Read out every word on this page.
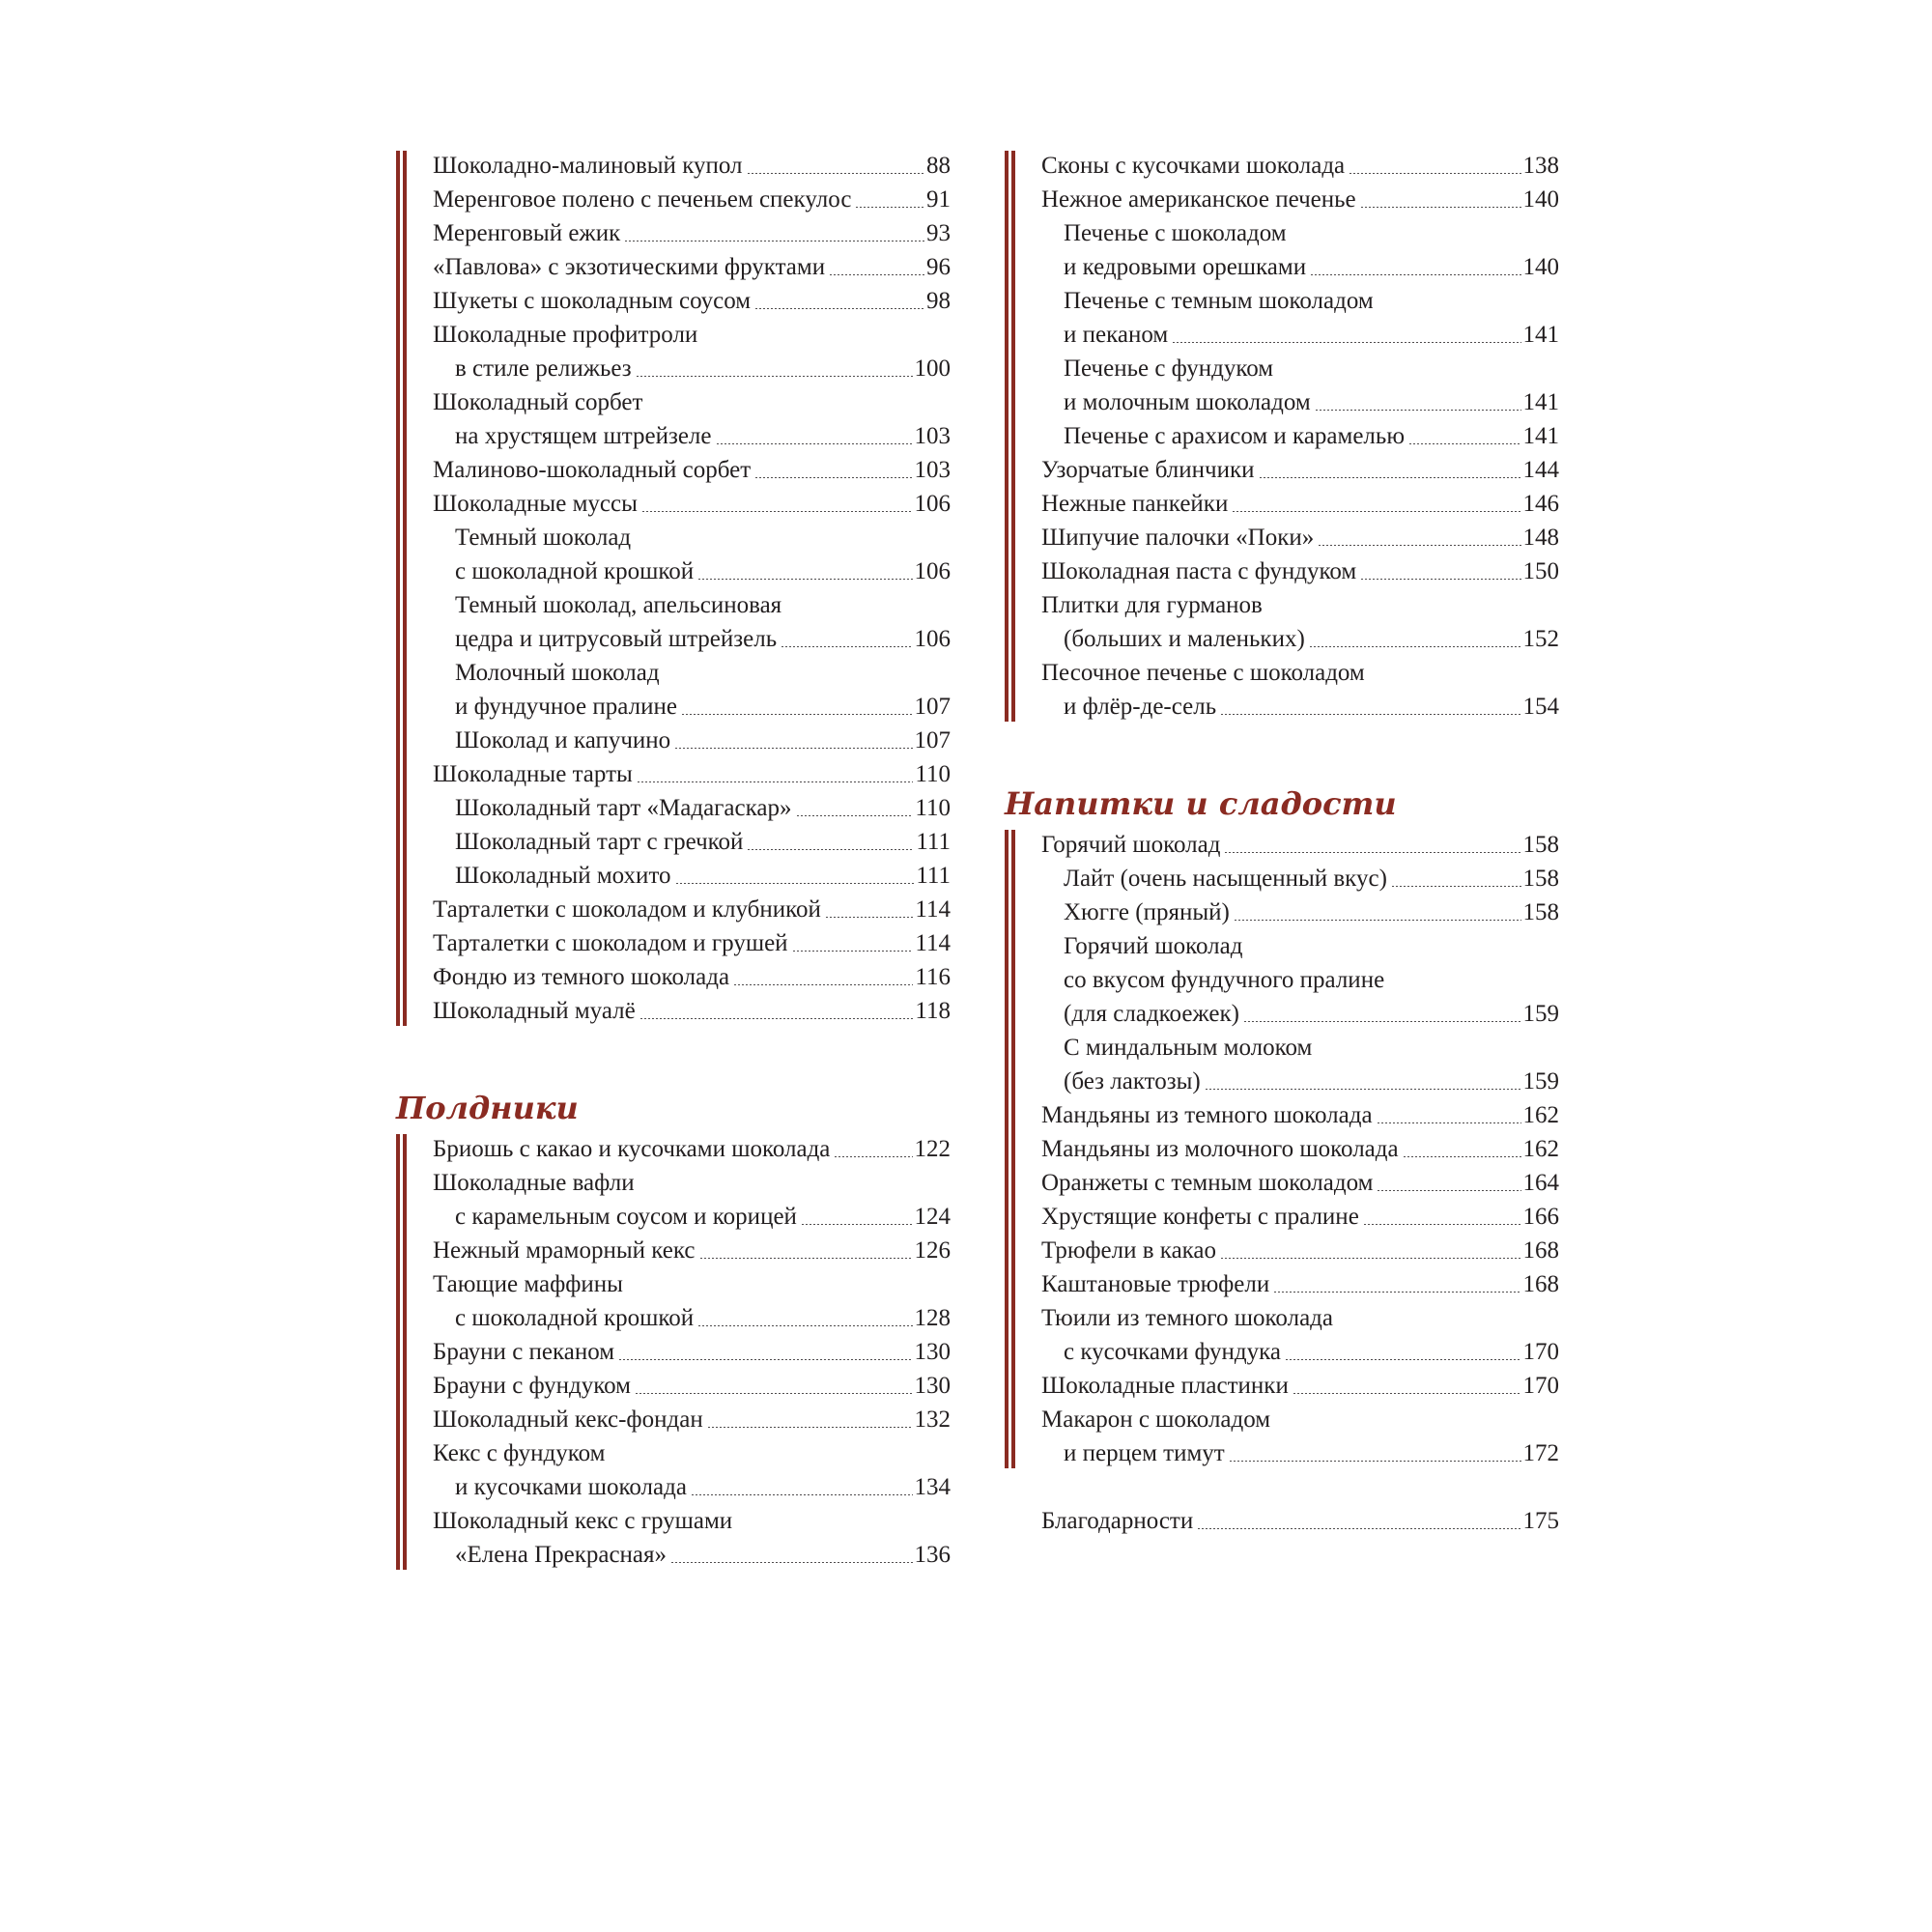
Шоколадно-малиновый купол	88
Меренговое полено с печеньем спекулос	91
Меренговый ежик	93
«Павлова» с экзотическими фруктами	96
Шукеты с шоколадным соусом	98
Шоколадные профитроли
в стиле релижьез	100
Шоколадный сорбет
на хрустящем штрейзеле	103
Малиново-шоколадный сорбет	103
Шоколадные муссы	106
Темный шоколад
с шоколадной крошкой	106
Темный шоколад, апельсиновая
цедра и цитрусовый штрейзель	106
Молочный шоколад
и фундучное пралине	107
Шоколад и капучино	107
Шоколадные тарты	110
Шоколадный тарт «Мадагаскар»	110
Шоколадный тарт с гречкой	111
Шоколадный мохито	111
Тарталетки с шоколадом и клубникой	114
Тарталетки с шоколадом и грушей	114
Фондю из темного шоколада	116
Шоколадный муалё	118
Полдники
Бриошь с какао и кусочками шоколада	122
Шоколадные вафли
с карамельным соусом и корицей	124
Нежный мраморный кекс	126
Тающие маффины
с шоколадной крошкой	128
Брауни с пеканом	130
Брауни с фундуком	130
Шоколадный кекс-фондан	132
Кекс с фундуком
и кусочками шоколада	134
Шоколадный кекс с грушами
«Елена Прекрасная»	136
Сконы с кусочками шоколада	138
Нежное американское печенье	140
Печенье с шоколадом
и кедровыми орешками	140
Печенье с темным шоколадом
и пеканом	141
Печенье с фундуком
и молочным шоколадом	141
Печенье с арахисом и карамелью	141
Узорчатые блинчики	144
Нежные панкейки	146
Шипучие палочки «Поки»	148
Шоколадная паста с фундуком	150
Плитки для гурманов
(больших и маленьких)	152
Песочное печенье с шоколадом
и флёр-де-сель	154
Напитки и сладости
Горячий шоколад	158
Лайт (очень насыщенный вкус)	158
Хюгге (пряный)	158
Горячий шоколад
со вкусом фундучного пралине
(для сладкоежек)	159
С миндальным молоком
(без лактозы)	159
Мандьяны из темного шоколада	162
Мандьяны из молочного шоколада	162
Оранжеты с темным шоколадом	164
Хрустящие конфеты с пралине	166
Трюфели в какао	168
Каштановые трюфели	168
Тюили из темного шоколада
с кусочками фундука	170
Шоколадные пластинки	170
Макарон с шоколадом
и перцем тимут	172
Благодарности	175
